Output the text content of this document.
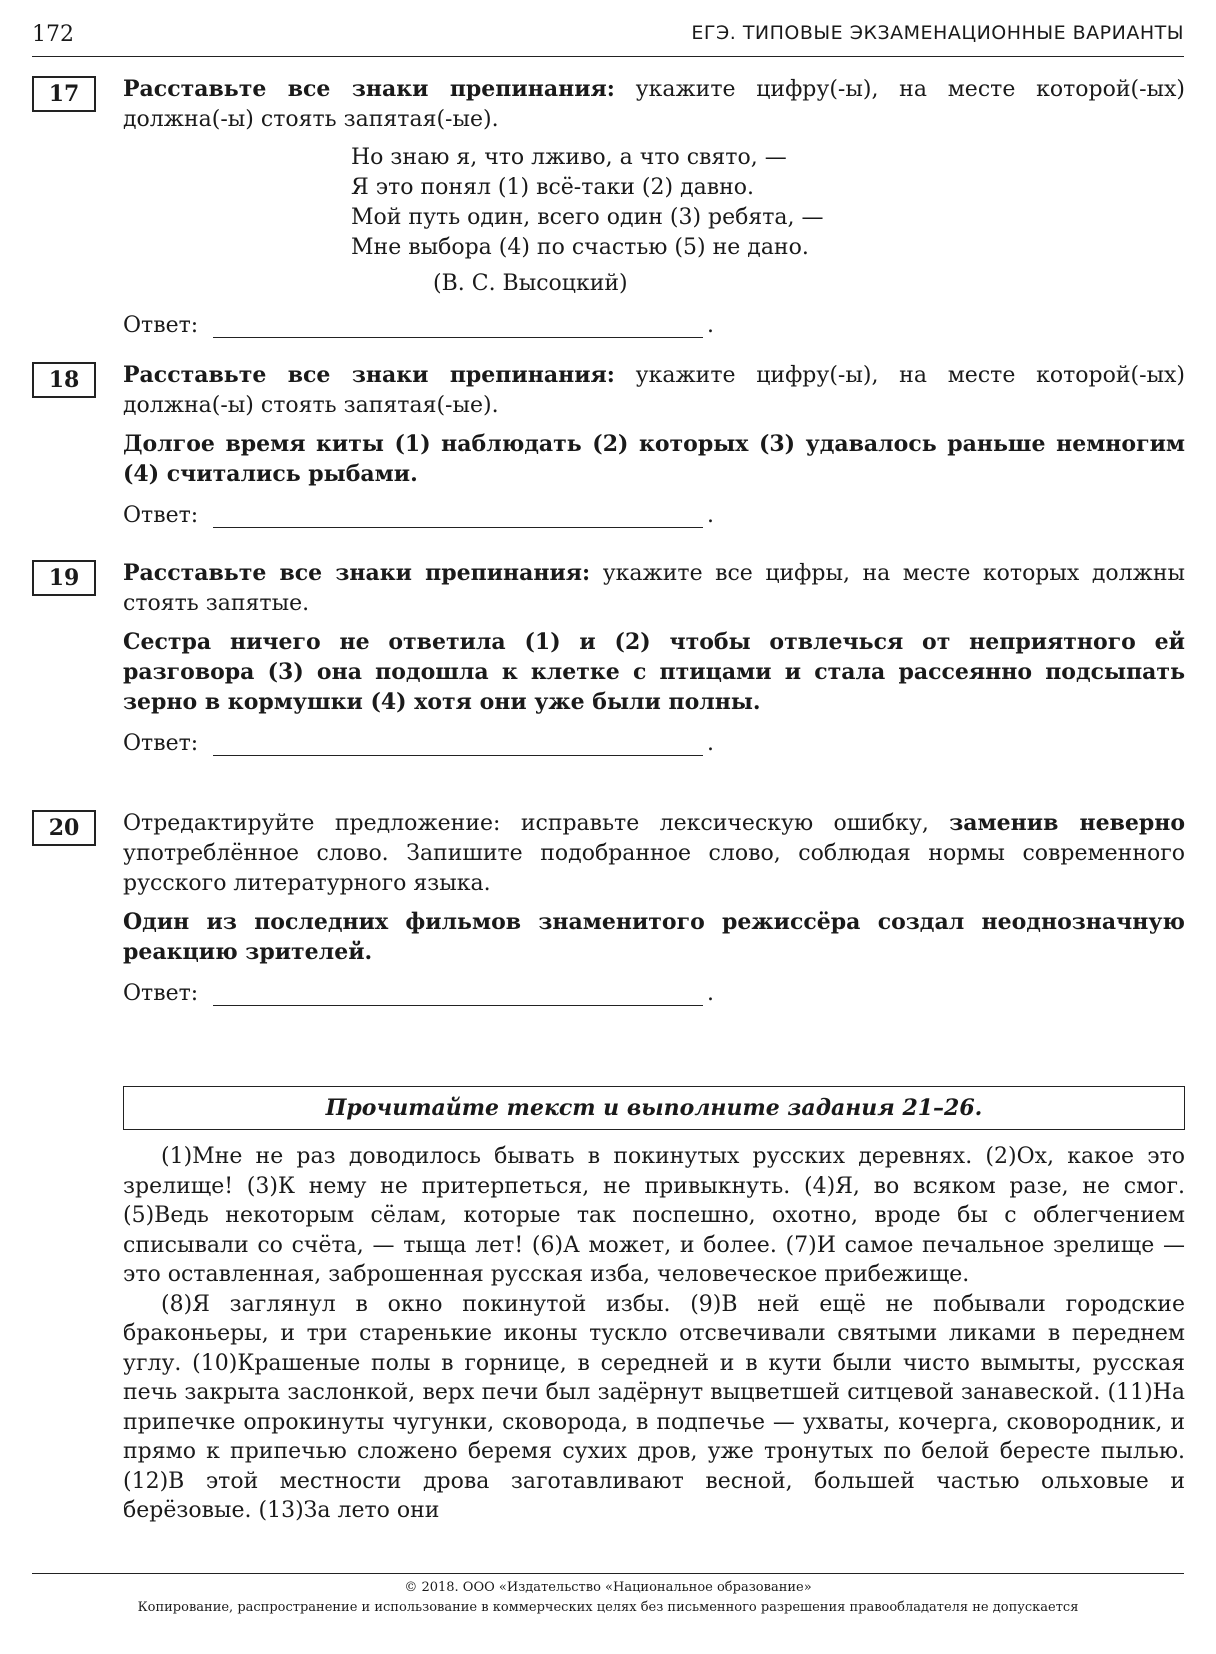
172	ЕГЭ. ТИПОВЫЕ ЭКЗАМЕНАЦИОННЫЕ ВАРИАНТЫ
17	Расставьте все знаки препинания: укажите цифру(-ы), на месте которой(-ых) должна(-ы) стоять запятая(-ые).
Но знаю я, что лживо, а что свято, —
Я это понял (1) всё-таки (2) давно.
Мой путь один, всего один (3) ребята, —
Мне выбора (4) по счастью (5) не дано.
(В. С. Высоцкий)
Ответ:	.
18	Расставьте все знаки препинания: укажите цифру(-ы), на месте которой(-ых) должна(-ы) стоять запятая(-ые).
Долгое время киты (1) наблюдать (2) которых (3) удавалось раньше немногим (4) считались рыбами.
Ответ:	.
19	Расставьте все знаки препинания: укажите все цифры, на месте которых должны стоять запятые.
Сестра ничего не ответила (1) и (2) чтобы отвлечься от неприятного ей разговора (3) она подошла к клетке с птицами и стала рассеянно подсыпать зерно в кормушки (4) хотя они уже были полны.
Ответ:	.
20	Отредактируйте предложение: исправьте лексическую ошибку, заменив неверно употреблённое слово. Запишите подобранное слово, соблюдая нормы современного русского литературного языка.
Один из последних фильмов знаменитого режиссёра создал неоднозначную реакцию зрителей.
Ответ:	.
Прочитайте текст и выполните задания 21–26.

(1)Мне не раз доводилось бывать в покинутых русских деревнях. (2)Ох, какое это зрелище! (3)К нему не притерпеться, не привыкнуть. (4)Я, во всяком разе, не смог. (5)Ведь некоторым сёлам, которые так поспешно, охотно, вроде бы с облегчением списывали со счёта, — тыща лет! (6)А может, и более. (7)И самое печальное зрелище — это оставленная, заброшенная русская изба, человеческое прибежище.

(8)Я заглянул в окно покинутой избы. (9)В ней ещё не побывали городские браконьеры, и три старенькие иконы тускло отсвечивали святыми ликами в переднем углу. (10)Крашеные полы в горнице, в середней и в кути были чисто вымыты, русская печь закрыта заслонкой, верх печи был задёрнут выцветшей ситцевой занавеской. (11)На припечке опрокинуты чугунки, сковорода, в подпечье — ухваты, кочерга, сковородник, и прямо к припечью сложено беремя сухих дров, уже тронутых по белой бересте пылью. (12)В этой местности дрова заготавливают весной, большей частью ольховые и берёзовые. (13)За лето они

© 2018. ООО «Издательство «Национальное образование»
Копирование, распространение и использование в коммерческих целях без письменного разрешения правообладателя не допускается
